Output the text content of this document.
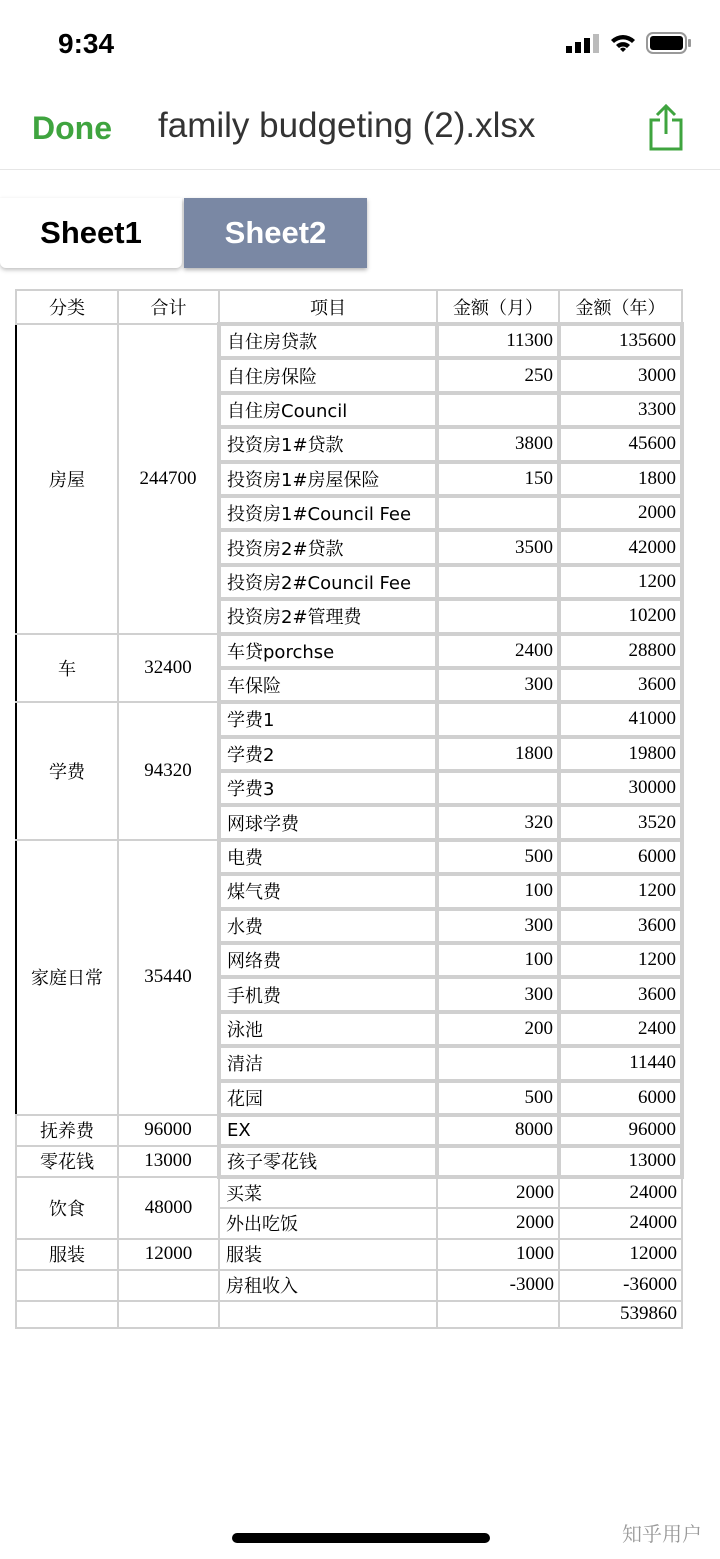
9:34
Done family budgeting (2).xlsx
Sheet1	Sheet2
分类	合计	项目	金额（月）	金额（年）
房屋	244700	自住房贷款	11300	135600
		自住房保险	250	3000
		自住房Council		3300
		投资房1#贷款	3800	45600
		投资房1#房屋保险	150	1800
		投资房1#Council Fee		2000
		投资房2#贷款	3500	42000
		投资房2#Council Fee		1200
		投资房2#管理费		10200
车	32400	车贷porchse	2400	28800
		车保险	300	3600
学费	94320	学费1		41000
		学费2	1800	19800
		学费3		30000
		网球学费	320	3520
家庭日常	35440	电费	500	6000
		煤气费	100	1200
		水费	300	3600
		网络费	100	1200
		手机费	300	3600
		泳池	200	2400
		清洁		11440
		花园	500	6000
抚养费	96000	EX	8000	96000
零花钱	13000	孩子零花钱		13000
饮食	48000	买菜	2000	24000
		外出吃饭	2000	24000
服装	12000	服装	1000	12000
		房租收入	-3000	-36000
				539860
知乎用户
